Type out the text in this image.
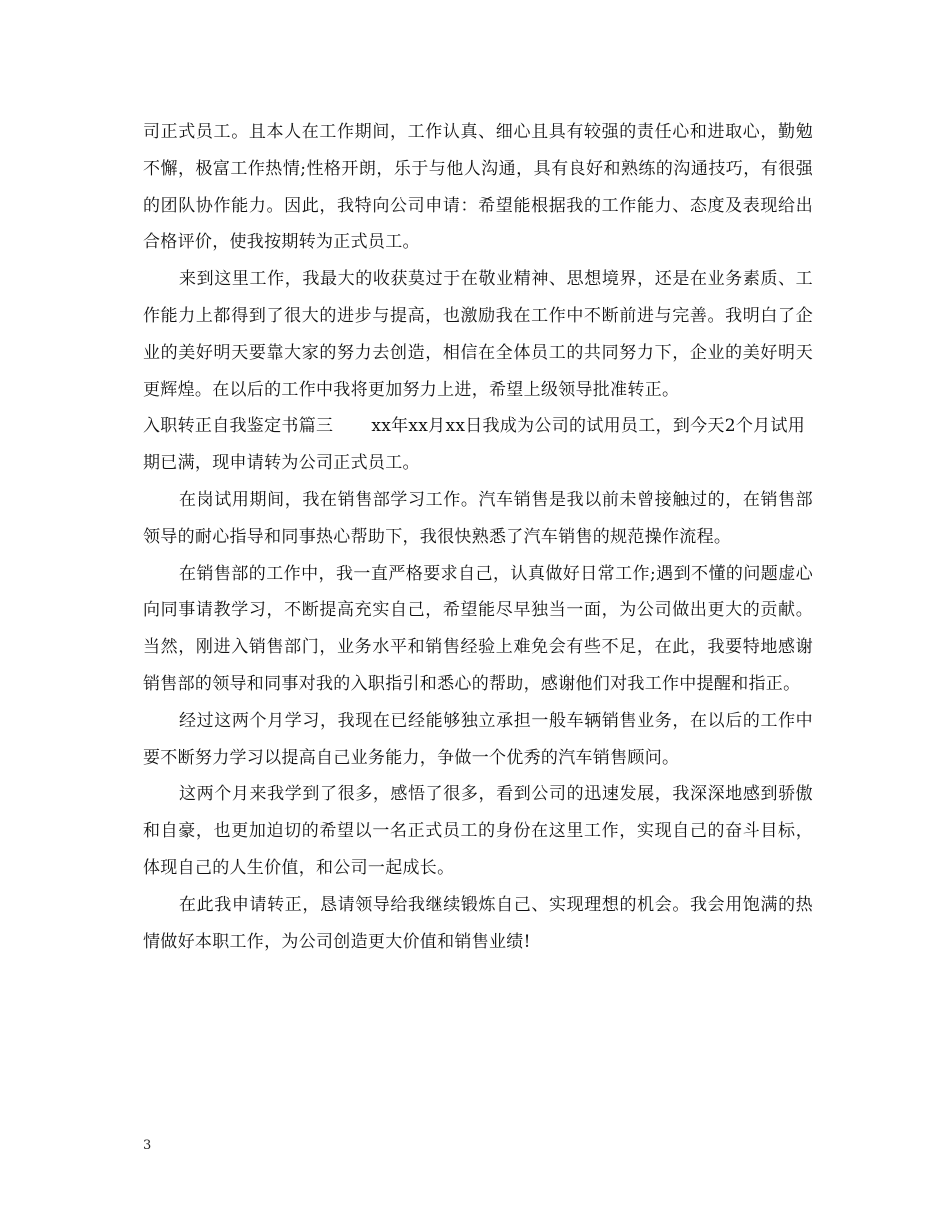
司正式员工。且本人在工作期间，工作认真、细心且具有较强的责任心和进取心，勤勉不懈，极富工作热情;性格开朗，乐于与他人沟通，具有良好和熟练的沟通技巧，有很强的团队协作能力。因此，我特向公司申请：希望能根据我的工作能力、态度及表现给出合格评价，使我按期转为正式员工。

来到这里工作，我最大的收获莫过于在敬业精神、思想境界，还是在业务素质、工作能力上都得到了很大的进步与提高，也激励我在工作中不断前进与完善。我明白了企业的美好明天要靠大家的努力去创造，相信在全体员工的共同努力下，企业的美好明天更辉煌。在以后的工作中我将更加努力上进，希望上级领导批准转正。

入职转正自我鉴定书篇三 xx年xx月xx日我成为公司的试用员工，到今天2个月试用期已满，现申请转为公司正式员工。

在岗试用期间，我在销售部学习工作。汽车销售是我以前未曾接触过的，在销售部领导的耐心指导和同事热心帮助下，我很快熟悉了汽车销售的规范操作流程。

在销售部的工作中，我一直严格要求自己，认真做好日常工作;遇到不懂的问题虚心向同事请教学习，不断提高充实自己，希望能尽早独当一面，为公司做出更大的贡献。当然，刚进入销售部门，业务水平和销售经验上难免会有些不足，在此，我要特地感谢销售部的领导和同事对我的入职指引和悉心的帮助，感谢他们对我工作中提醒和指正。

经过这两个月学习，我现在已经能够独立承担一般车辆销售业务，在以后的工作中要不断努力学习以提高自己业务能力，争做一个优秀的汽车销售顾问。

这两个月来我学到了很多，感悟了很多，看到公司的迅速发展，我深深地感到骄傲和自豪，也更加迫切的希望以一名正式员工的身份在这里工作，实现自己的奋斗目标，体现自己的人生价值，和公司一起成长。

在此我申请转正，恳请领导给我继续锻炼自己、实现理想的机会。我会用饱满的热情做好本职工作，为公司创造更大价值和销售业绩!

3
